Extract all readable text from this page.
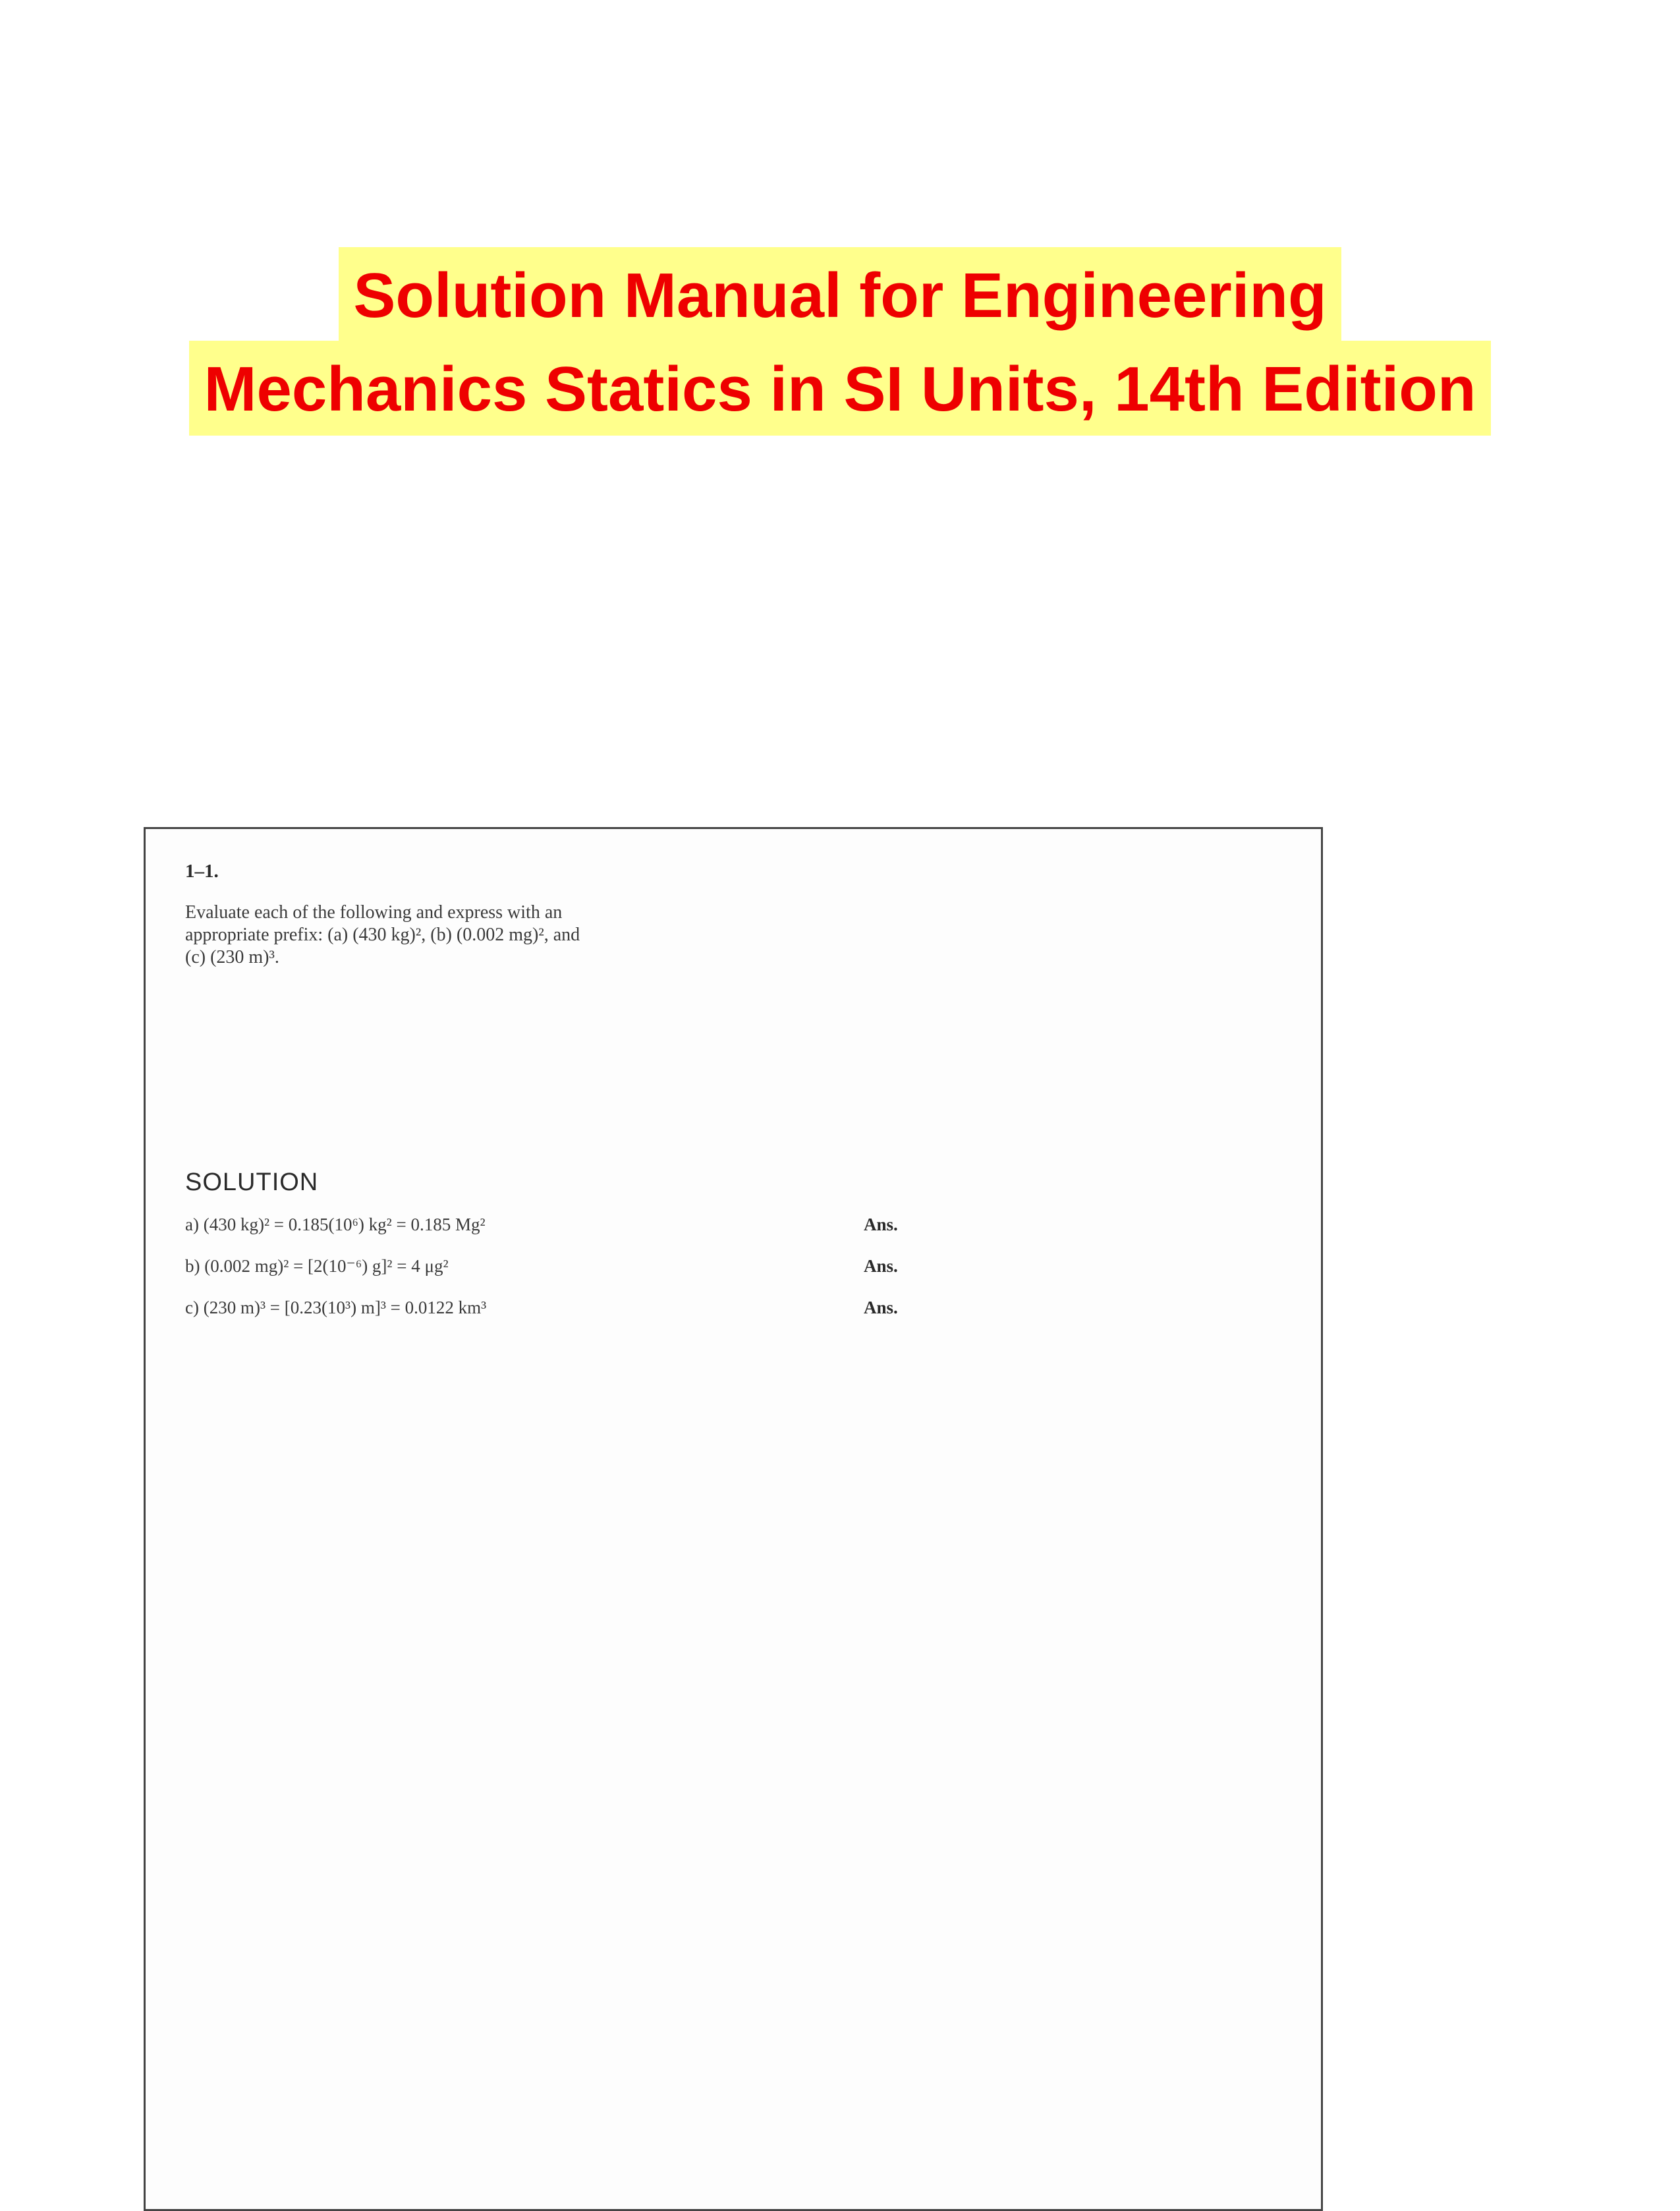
Solution Manual for Engineering
Mechanics Statics in SI Units, 14th Edition
1–1.
Evaluate each of the following and express with an
appropriate prefix: (a) (430 kg)², (b) (0.002 mg)², and
(c) (230 m)³.
SOLUTION
a) (430 kg)² = 0.185(10⁶) kg² = 0.185 Mg²	Ans.
b) (0.002 mg)² = [2(10⁻⁶) g]² = 4 μg²	Ans.
c) (230 m)³ = [0.23(10³) m]³ = 0.0122 km³	Ans.
